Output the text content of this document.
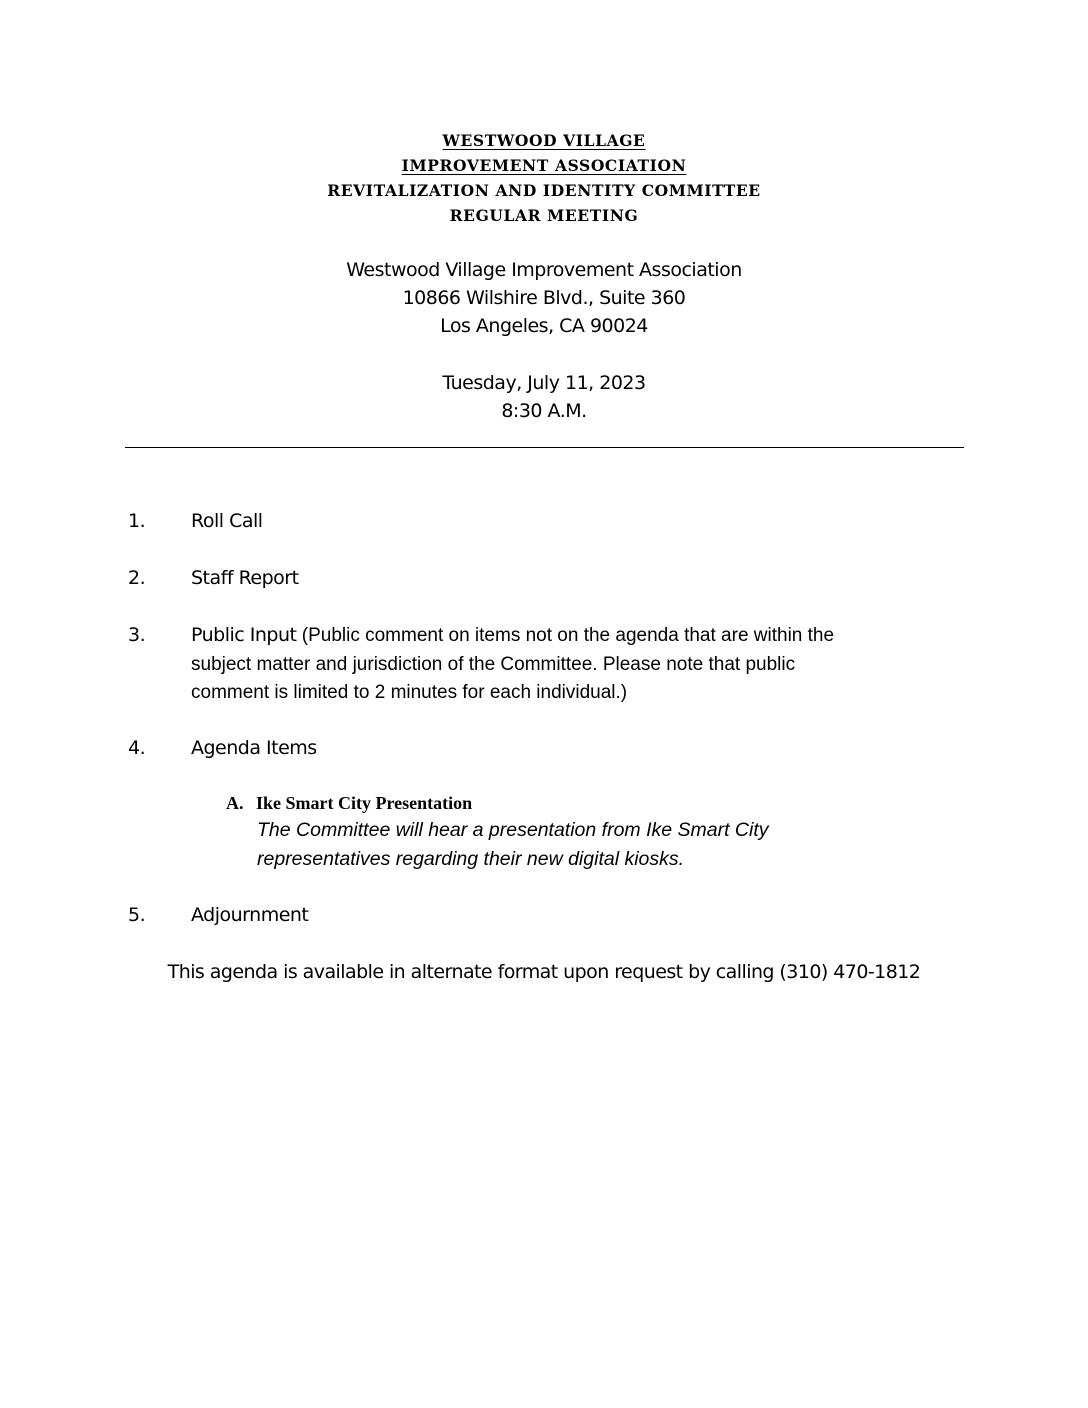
WESTWOOD VILLAGE
IMPROVEMENT ASSOCIATION
REVITALIZATION AND IDENTITY COMMITTEE
REGULAR MEETING
Westwood Village Improvement Association
10866 Wilshire Blvd., Suite 360
Los Angeles, CA 90024
Tuesday, July 11, 2023
8:30 A.M.
1. Roll Call
2. Staff Report
3. Public Input (Public comment on items not on the agenda that are within the
subject matter and jurisdiction of the Committee. Please note that public
comment is limited to 2 minutes for each individual.)
4. Agenda Items
A. Ike Smart City Presentation
The Committee will hear a presentation from Ike Smart City
representatives regarding their new digital kiosks.
5. Adjournment
This agenda is available in alternate format upon request by calling (310) 470-1812
